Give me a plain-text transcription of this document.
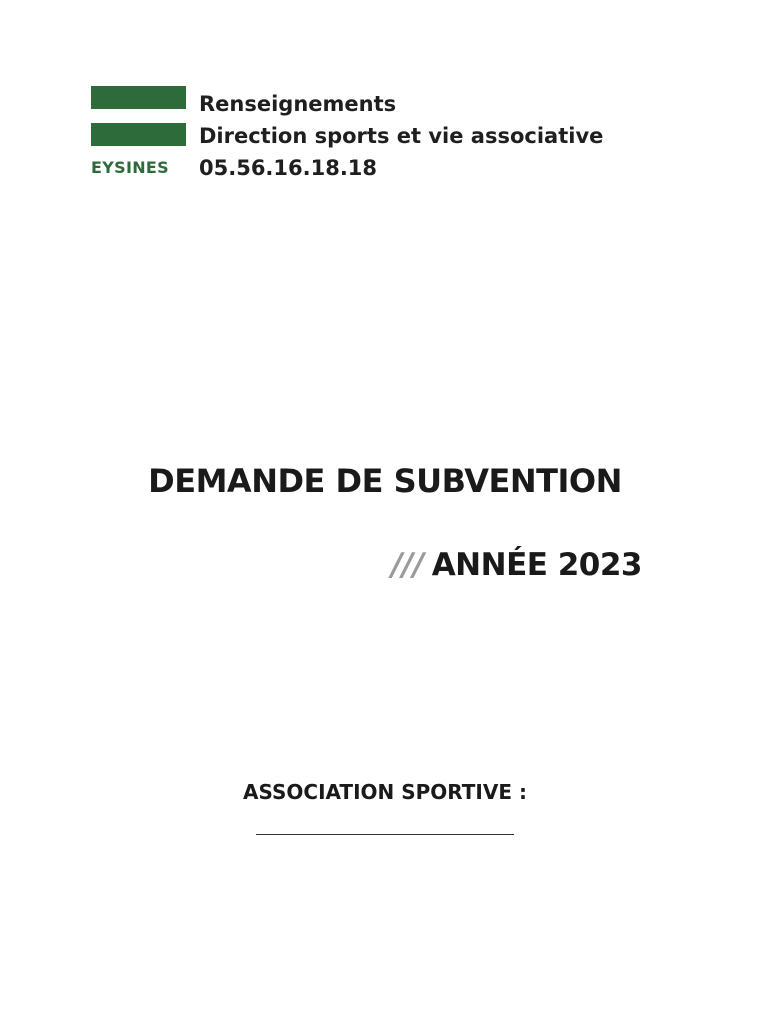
EYSINES
Renseignements
Direction sports et vie associative
05.56.16.18.18
DEMANDE DE SUBVENTION
/// ANNÉE 2023
ASSOCIATION SPORTIVE :
